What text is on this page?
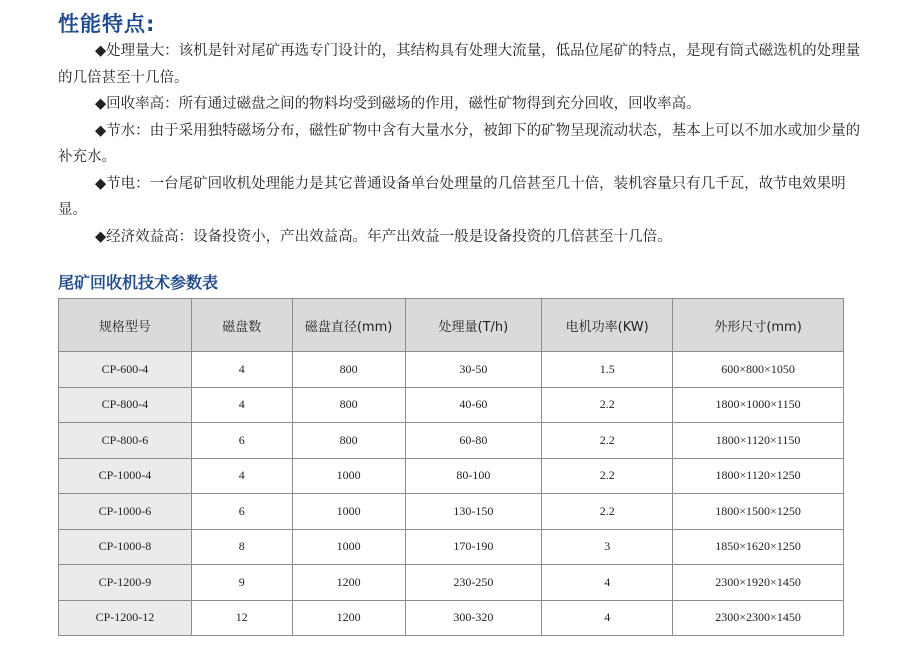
性能特点:

◆处理量大：该机是针对尾矿再选专门设计的，其结构具有处理大流量，低品位尾矿的特点，是现有筒式磁选机的处理量的几倍甚至十几倍。

◆回收率高：所有通过磁盘之间的物料均受到磁场的作用，磁性矿物得到充分回收，回收率高。

◆节水：由于采用独特磁场分布，磁性矿物中含有大量水分，被卸下的矿物呈现流动状态，基本上可以不加水或加少量的补充水。

◆节电：一台尾矿回收机处理能力是其它普通设备单台处理量的几倍甚至几十倍，装机容量只有几千瓦，故节电效果明显。

◆经济效益高：设备投资小，产出效益高。年产出效益一般是设备投资的几倍甚至十几倍。

尾矿回收机技术参数表
规格型号	磁盘数	磁盘直径(mm)	处理量(T/h)	电机功率(KW)	外形尺寸(mm)
CP-600-4	4	800	30-50	1.5	600×800×1050
CP-800-4	4	800	40-60	2.2	1800×1000×1150
CP-800-6	6	800	60-80	2.2	1800×1120×1150
CP-1000-4	4	1000	80-100	2.2	1800×1120×1250
CP-1000-6	6	1000	130-150	2.2	1800×1500×1250
CP-1000-8	8	1000	170-190	3	1850×1620×1250
CP-1200-9	9	1200	230-250	4	2300×1920×1450
CP-1200-12	12	1200	300-320	4	2300×2300×1450
